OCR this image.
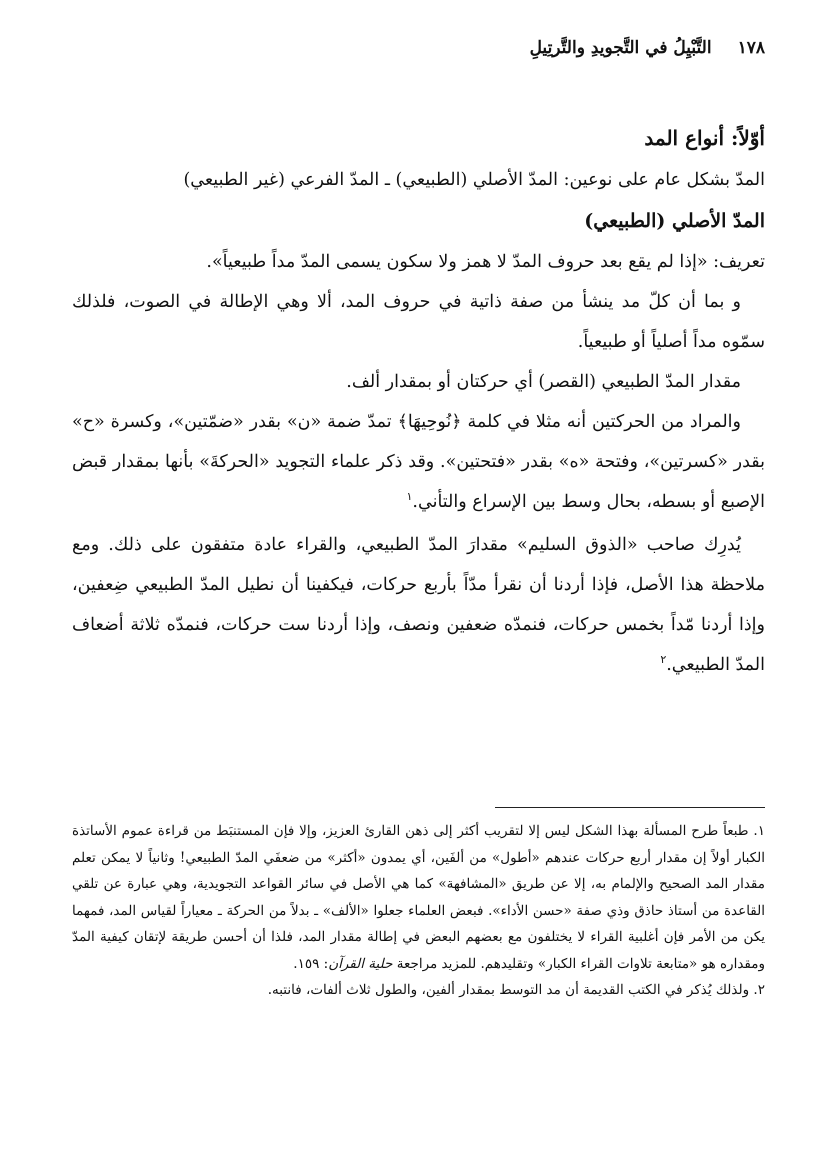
١٧٨
التَّبْيِلُ في التَّجويدِ والتَّرتِيلِ

أوّلاً: أنواع المد

المدّ بشكل عام على نوعين: المدّ الأصلي (الطبيعي) ـ المدّ الفرعي (غير الطبيعي)

المدّ الأصلي (الطبيعي)

تعريف: «إذا لم يقع بعد حروف المدّ لا همز ولا سكون يسمى المدّ مداً طبيعياً».

و بما أن كلّ مد ينشأ من صفة ذاتية في حروف المد، ألا وهي الإطالة في الصوت، فلذلك سمّوه مداً أصلياً أو طبيعياً.

مقدار المدّ الطبيعي (القصر) أي حركتان أو بمقدار ألف.

والمراد من الحركتين أنه مثلا في كلمة ﴿نُوحِيهَا﴾ تمدّ ضمة «ن» بقدر «ضمّتين»، وكسرة «ح» بقدر «كسرتين»، وفتحة «ه» بقدر «فتحتين». وقد ذكر علماء التجويد «الحركةَ» بأنها بمقدار قبض الإصبع أو بسطه، بحال وسط بين الإسراع والتأني.$^١$

يُدرِك صاحب «الذوق السليم» مقدارَ المدّ الطبيعي، والقراء عادة متفقون على ذلك. ومع ملاحظة هذا الأصل، فإذا أردنا أن نقرأ مدّاً بأربع حركات، فيكفينا أن نطيل المدّ الطبيعي ضِعفين، وإذا أردنا مّداً بخمس حركات، فنمدّه ضعفين ونصف، وإذا أردنا ست حركات، فنمدّه ثلاثة أضعاف المدّ الطبيعي.$^٢$

١. طبعاً طرح المسألة بهذا الشكل ليس إلا لتقريب أكثر إلى ذهن القارئ العزيز، وإلا فإن المستنبَط من قراءة عموم الأساتذة الكبار أولاً إن مقدار أربع حركات عندهم «أطول» من ألفَين، أي يمدون «أكثر» من ضعفَي المدّ الطبيعي! وثانياً لا يمكن تعلم مقدار المد الصحيح والإلمام به، إلا عن طريق «المشافهة» كما هي الأصل في سائر القواعد التجويدية، وهي عبارة عن تلقي القاعدة من أستاذ حاذق وذي صفة «حسن الأداء». فبعض العلماء جعلوا «الألف» ـ بدلاً من الحركة ـ معياراً لقياس المد، فمهما يكن من الأمر فإن أغلبية القراء لا يختلفون مع بعضهم البعض في إطالة مقدار المد، فلذا أن أحسن طريقة لإتقان كيفية المدّ ومقداره هو «متابعة تلاوات القراء الكبار» وتقليدهم. للمزيد مراجعة حلية القرآن: ١٥٩.

٢. ولذلك يُذكر في الكتب القديمة أن مد التوسط بمقدار ألفين، والطول ثلاث ألفات، فانتبه.
